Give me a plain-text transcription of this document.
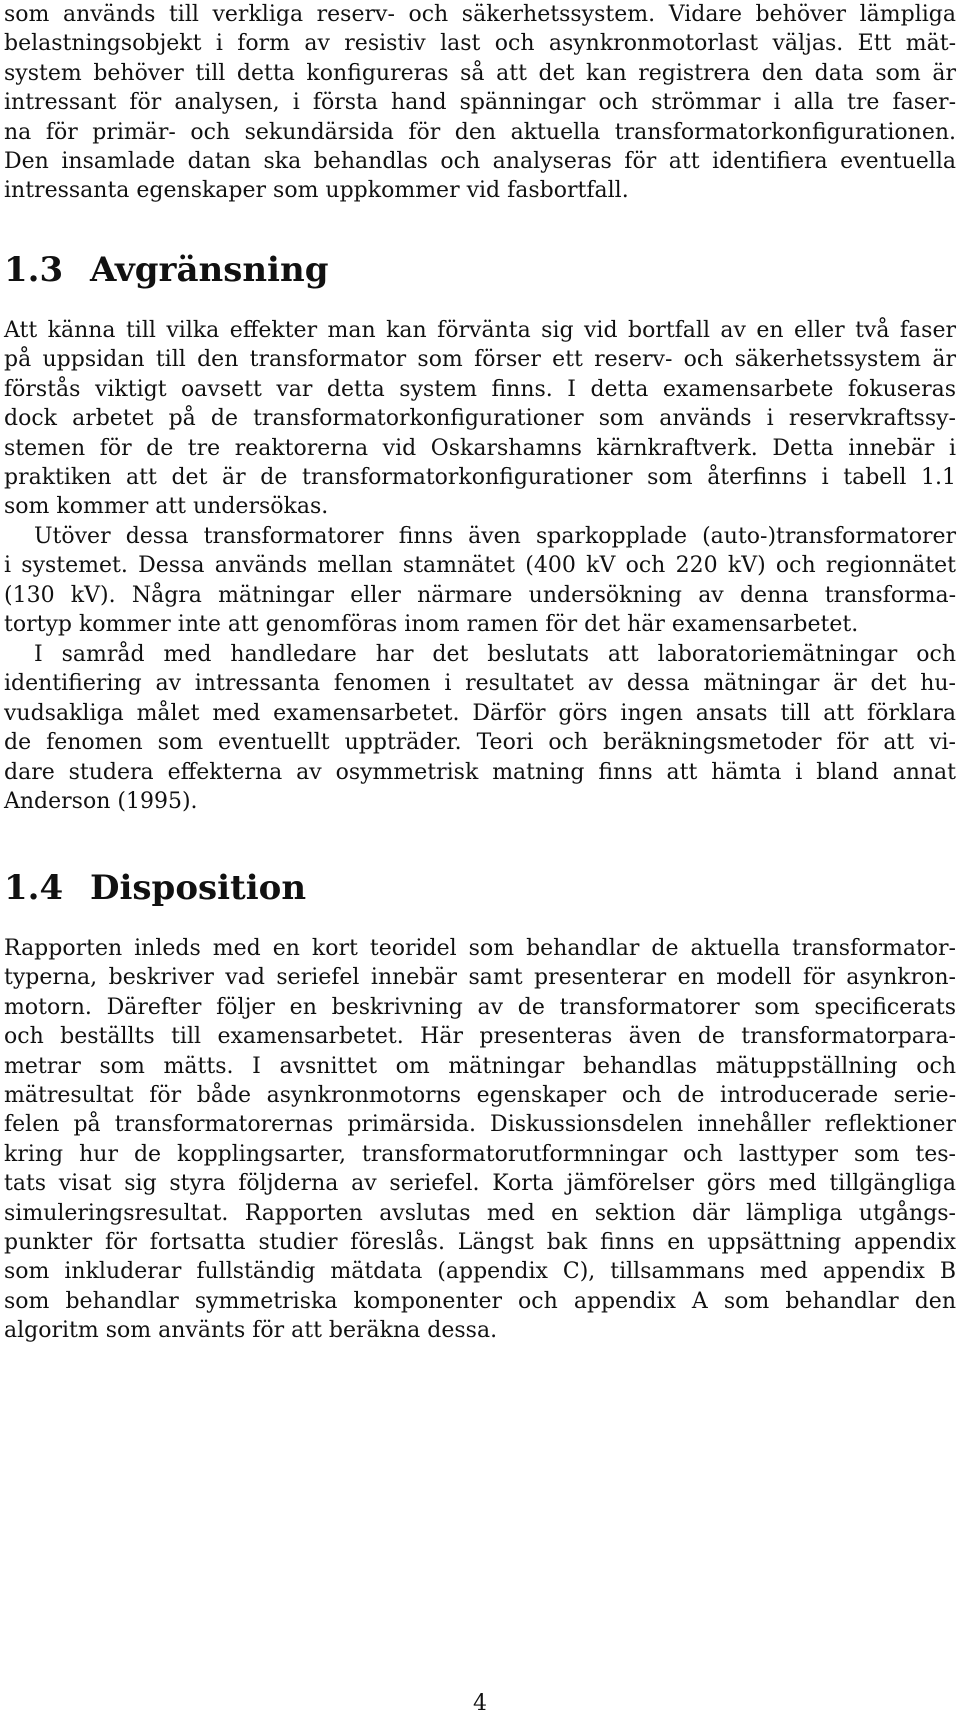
som används till verkliga reserv- och säkerhetssystem. Vidare behöver lämpliga
belastningsobjekt i form av resistiv last och asynkronmotorlast väljas. Ett mät-
system behöver till detta konfigureras så att det kan registrera den data som är
intressant för analysen, i första hand spänningar och strömmar i alla tre faser-
na för primär- och sekundärsida för den aktuella transformatorkonfigurationen.
Den insamlade datan ska behandlas och analyseras för att identifiera eventuella
intressanta egenskaper som uppkommer vid fasbortfall.
1.3 Avgränsning
Att känna till vilka effekter man kan förvänta sig vid bortfall av en eller två faser
på uppsidan till den transformator som förser ett reserv- och säkerhetssystem är
förstås viktigt oavsett var detta system finns. I detta examensarbete fokuseras
dock arbetet på de transformatorkonfigurationer som används i reservkraftssy-
stemen för de tre reaktorerna vid Oskarshamns kärnkraftverk. Detta innebär i
praktiken att det är de transformatorkonfigurationer som återfinns i tabell 1.1
som kommer att undersökas.
Utöver dessa transformatorer finns även sparkopplade (auto-)transformatorer
i systemet. Dessa används mellan stamnätet (400 kV och 220 kV) och regionnätet
(130 kV). Några mätningar eller närmare undersökning av denna transforma-
tortyp kommer inte att genomföras inom ramen för det här examensarbetet.
I samråd med handledare har det beslutats att laboratoriemätningar och
identifiering av intressanta fenomen i resultatet av dessa mätningar är det hu-
vudsakliga målet med examensarbetet. Därför görs ingen ansats till att förklara
de fenomen som eventuellt uppträder. Teori och beräkningsmetoder för att vi-
dare studera effekterna av osymmetrisk matning finns att hämta i bland annat
Anderson (1995).
1.4 Disposition
Rapporten inleds med en kort teoridel som behandlar de aktuella transformator-
typerna, beskriver vad seriefel innebär samt presenterar en modell för asynkron-
motorn. Därefter följer en beskrivning av de transformatorer som specificerats
och beställts till examensarbetet. Här presenteras även de transformatorpara-
metrar som mätts. I avsnittet om mätningar behandlas mätuppställning och
mätresultat för både asynkronmotorns egenskaper och de introducerade serie-
felen på transformatorernas primärsida. Diskussionsdelen innehåller reflektioner
kring hur de kopplingsarter, transformatorutformningar och lasttyper som tes-
tats visat sig styra följderna av seriefel. Korta jämförelser görs med tillgängliga
simuleringsresultat. Rapporten avslutas med en sektion där lämpliga utgångs-
punkter för fortsatta studier föreslås. Längst bak finns en uppsättning appendix
som inkluderar fullständig mätdata (appendix C), tillsammans med appendix B
som behandlar symmetriska komponenter och appendix A som behandlar den
algoritm som använts för att beräkna dessa.
4
